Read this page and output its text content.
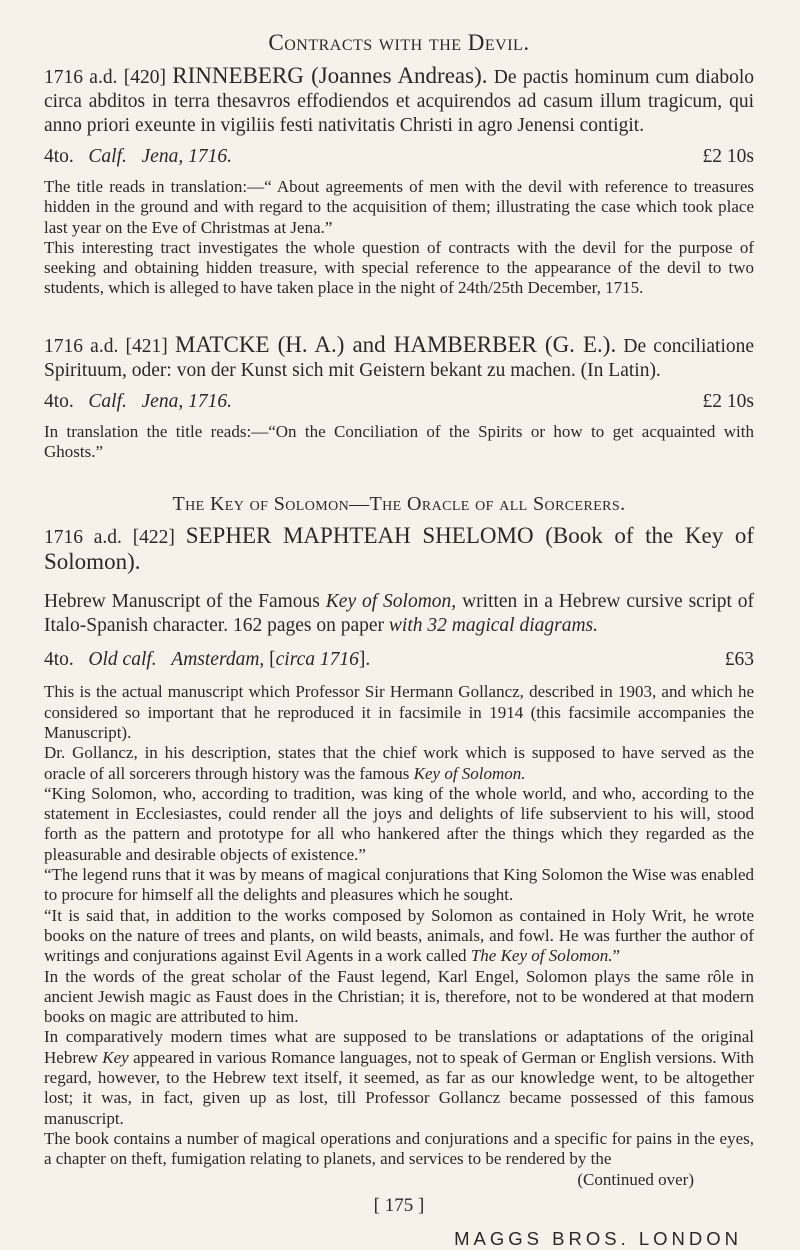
Contracts with the Devil.

1716 a.d. [420] RINNEBERG (Joannes Andreas). De pactis hominum cum diabolo circa abditos in terra thesavros effodiendos et acquirendos ad casum illum tragicum, qui anno priori exeunte in vigiliis festi nativitatis Christi in agro Jenensi contigit.

4to. Calf. Jena, 1716.	£2 10s

The title reads in translation:—“ About agreements of men with the devil with reference to treasures hidden in the ground and with regard to the acquisition of them; illustrating the case which took place last year on the Eve of Christmas at Jena.”

This interesting tract investigates the whole question of contracts with the devil for the purpose of seeking and obtaining hidden treasure, with special reference to the appearance of the devil to two students, which is alleged to have taken place in the night of 24th/25th December, 1715.

1716 a.d. [421] MATCKE (H. A.) and HAMBERBER (G. E.). De conciliatione Spirituum, oder: von der Kunst sich mit Geistern bekant zu machen. (In Latin).

4to. Calf. Jena, 1716.	£2 10s

In translation the title reads:—“On the Conciliation of the Spirits or how to get acquainted with Ghosts.”

The Key of Solomon—The Oracle of all Sorcerers.

1716 a.d. [422] SEPHER MAPHTEAH SHELOMO (Book of the Key of Solomon).

Hebrew Manuscript of the Famous Key of Solomon, written in a Hebrew cursive script of Italo-Spanish character. 162 pages on paper with 32 magical diagrams.

4to. Old calf. Amsterdam, [circa 1716].	£63

This is the actual manuscript which Professor Sir Hermann Gollancz, described in 1903, and which he considered so important that he reproduced it in facsimile in 1914 (this facsimile accompanies the Manuscript).

Dr. Gollancz, in his description, states that the chief work which is supposed to have served as the oracle of all sorcerers through history was the famous Key of Solomon.

“King Solomon, who, according to tradition, was king of the whole world, and who, according to the statement in Ecclesiastes, could render all the joys and delights of life subservient to his will, stood forth as the pattern and prototype for all who hankered after the things which they regarded as the pleasurable and desirable objects of existence.”

“The legend runs that it was by means of magical conjurations that King Solomon the Wise was enabled to procure for himself all the delights and pleasures which he sought.

“It is said that, in addition to the works composed by Solomon as contained in Holy Writ, he wrote books on the nature of trees and plants, on wild beasts, animals, and fowl. He was further the author of writings and conjurations against Evil Agents in a work called The Key of Solomon.”

In the words of the great scholar of the Faust legend, Karl Engel, Solomon plays the same rôle in ancient Jewish magic as Faust does in the Christian; it is, therefore, not to be wondered at that modern books on magic are attributed to him.

In comparatively modern times what are supposed to be translations or adaptations of the original Hebrew Key appeared in various Romance languages, not to speak of German or English versions. With regard, however, to the Hebrew text itself, it seemed, as far as our knowledge went, to be altogether lost; it was, in fact, given up as lost, till Professor Gollancz became possessed of this famous manuscript.

The book contains a number of magical operations and conjurations and a specific for pains in the eyes, a chapter on theft, fumigation relating to planets, and services to be rendered by the

(Continued over)

[ 175 ]
MAGGS BROS. LONDON
